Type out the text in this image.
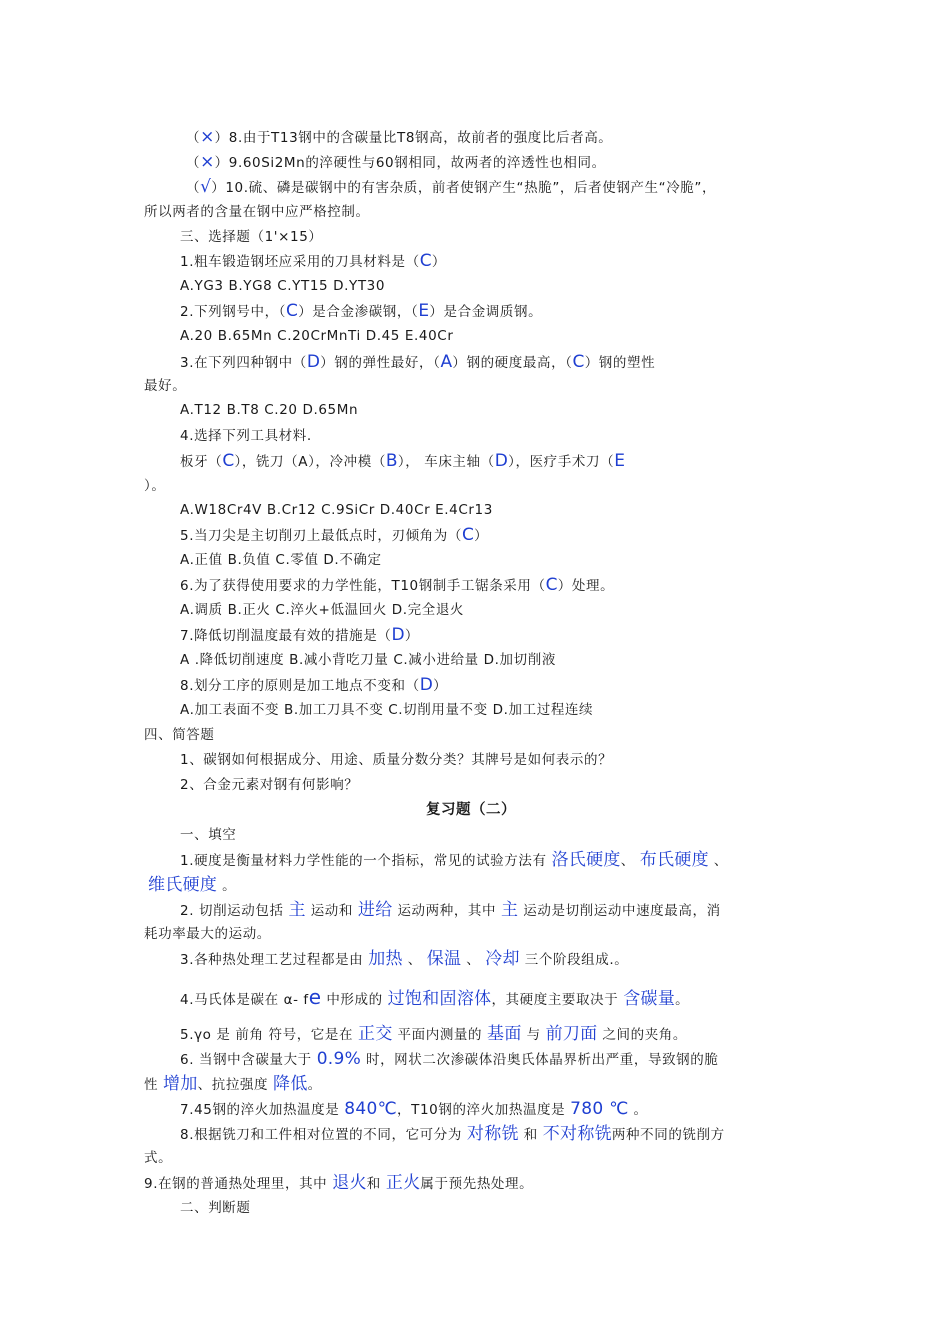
（×）8.由于T13钢中的含碳量比T8钢高，故前者的强度比后者高。
（×）9.60Si2Mn的淬硬性与60钢相同，故两者的淬透性也相同。
（√）10.硫、磷是碳钢中的有害杂质，前者使钢产生“热脆”，后者使钢产生“冷脆”，
所以两者的含量在钢中应严格控制。
三、选择题（1'×15）
1.粗车锻造钢坯应采用的刀具材料是（C）
A.YG3 B.YG8 C.YT15 D.YT30
2.下列钢号中，（C）是合金渗碳钢，（E）是合金调质钢。
A.20 B.65Mn C.20CrMnTi D.45 E.40Cr
3.在下列四种钢中（D）钢的弹性最好，（A）钢的硬度最高，（C）钢的塑性
最好。
A.T12 B.T8 C.20 D.65Mn
4.选择下列工具材料.
板牙（C），铣刀（A），冷冲模（B）， 车床主轴（D），医疗手术刀（E
）。
A.W18Cr4V B.Cr12 C.9SiCr D.40Cr E.4Cr13
5.当刀尖是主切削刃上最低点时，刃倾角为（C）
A.正值 B.负值 C.零值 D.不确定
6.为了获得使用要求的力学性能，T10钢制手工锯条采用（C）处理。
A.调质 B.正火 C.淬火+低温回火 D.完全退火
7.降低切削温度最有效的措施是（D）
A .降低切削速度 B.减小背吃刀量 C.减小进给量 D.加切削液
8.划分工序的原则是加工地点不变和（D）
A.加工表面不变 B.加工刀具不变 C.切削用量不变 D.加工过程连续
四、简答题
1、碳钢如何根据成分、用途、质量分数分类？其牌号是如何表示的？
2、合金元素对钢有何影响？
复习题（二）
一、填空
1.硬度是衡量材料力学性能的一个指标，常见的试验方法有 洛氏硬度、 布氏硬度 、
维氏硬度 。
2. 切削运动包括 主 运动和 进给 运动两种，其中 主 运动是切削运动中速度最高，消
耗功率最大的运动。
3.各种热处理工艺过程都是由 加热 、 保温 、 冷却 三个阶段组成.。
4.马氏体是碳在 α- fe 中形成的 过饱和固溶体，其硬度主要取决于 含碳量。
5.γo 是 前角 符号，它是在 正交 平面内测量的 基面 与 前刀面 之间的夹角。
6. 当钢中含碳量大于 0.9% 时，网状二次渗碳体沿奥氏体晶界析出严重，导致钢的脆
性 增加、抗拉强度 降低。
7.45钢的淬火加热温度是 840℃，T10钢的淬火加热温度是 780 ℃ 。
8.根据铣刀和工件相对位置的不同，它可分为 对称铣 和 不对称铣两种不同的铣削方
式。
9.在钢的普通热处理里，其中 退火和 正火属于预先热处理。
二、判断题
